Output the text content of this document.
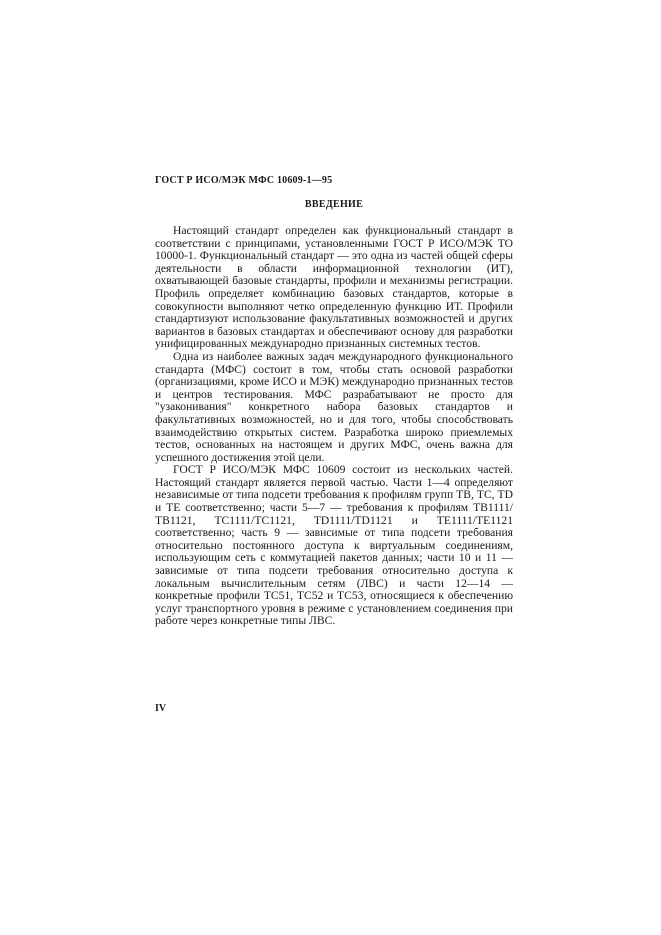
ГОСТ Р ИСО/МЭК МФС 10609-1—95
ВВЕДЕНИЕ

Настоящий стандарт определен как функциональный стандарт в соответствии с принципами, установленными ГОСТ Р ИСО/МЭК ТО 10000-1. Функциональный стандарт — это одна из частей общей сферы деятельности в области информационной технологии (ИТ), охватывающей базовые стандарты, профили и механизмы регистрации. Профиль определяет комбинацию базовых стандартов, которые в совокупности выполняют четко определенную функцию ИТ. Профили стандартизуют использование факультативных возможностей и других вариантов в базовых стандартах и обеспечивают основу для разработки унифицированных международно признанных системных тестов.

Одна из наиболее важных задач международного функционального стандарта (МФС) состоит в том, чтобы стать основой разработки (организациями, кроме ИСО и МЭК) международно признанных тестов и центров тестирования. МФС разрабатывают не просто для "узаконивания" конкретного набора базовых стандартов и факультативных возможностей, но и для того, чтобы способствовать взаимодействию открытых систем. Разработка широко приемлемых тестов, основанных на настоящем и других МФС, очень важна для успешного достижения этой цели.

ГОСТ Р ИСО/МЭК МФС 10609 состоит из нескольких частей. Настоящий стандарт является первой частью. Части 1—4 определяют независимые от типа подсети требования к профилям групп ТВ, ТС, TD и ТЕ соответственно; части 5—7 — требования к профилям ТВ1111/ТВ1121, ТС1111/ТС1121, TD1111/TD1121 и ТЕ1111/ТЕ1121 соответственно; часть 9 — зависимые от типа подсети требования относительно постоянного доступа к виртуальным соединениям, использующим сеть с коммутацией пакетов данных; части 10 и 11 — зависимые от типа подсети требования относительно доступа к локальным вычислительным сетям (ЛВС) и части 12—14 — конкретные профили ТС51, ТС52 и ТС53, относящиеся к обеспечению услуг транспортного уровня в режиме с установлением соединения при работе через конкретные типы ЛВС.

IV
